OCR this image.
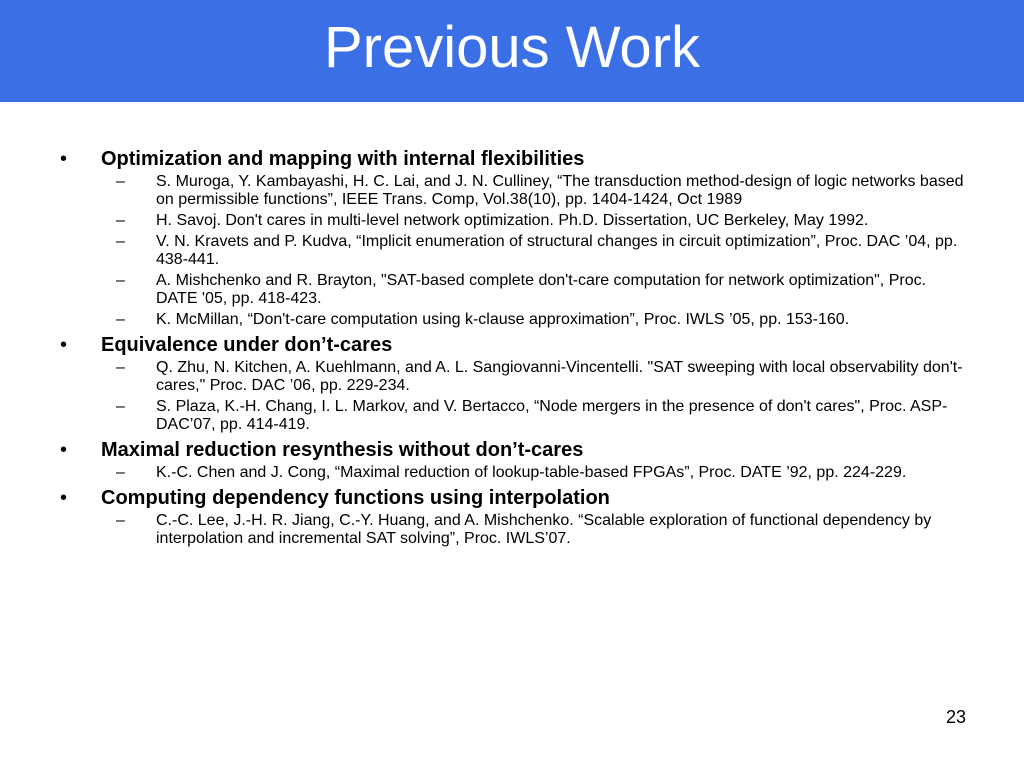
Previous Work
•	Optimization and mapping with internal flexibilities
–	S. Muroga, Y. Kambayashi, H. C. Lai, and J. N. Culliney, “The transduction method-design of logic networks based on permissible functions”, IEEE Trans. Comp, Vol.38(10), pp. 1404-1424, Oct 1989
–	H. Savoj. Don't cares in multi-level network optimization. Ph.D. Dissertation, UC Berkeley, May 1992.
–	V. N. Kravets and P. Kudva, “Implicit enumeration of structural changes in circuit optimization”, Proc. DAC ’04, pp. 438-441.
–	A. Mishchenko and R. Brayton, "SAT-based complete don't-care computation for network optimization", Proc. DATE '05, pp. 418-423.
–	K. McMillan, “Don't-care computation using k-clause approximation”, Proc. IWLS ’05, pp. 153-160.
•	Equivalence under don’t-cares
–	Q. Zhu, N. Kitchen, A. Kuehlmann, and A. L. Sangiovanni-Vincentelli. "SAT sweeping with local observability don't-cares," Proc. DAC ’06, pp. 229-234.
–	S. Plaza, K.-H. Chang, I. L. Markov, and V. Bertacco, “Node mergers in the presence of don't cares", Proc. ASP-DAC’07, pp. 414-419.
•	Maximal reduction resynthesis without don’t-cares
–	K.-C. Chen and J. Cong, “Maximal reduction of lookup-table-based FPGAs”, Proc. DATE ’92, pp. 224-229.
•	Computing dependency functions using interpolation
–	C.-C. Lee, J.-H. R. Jiang, C.-Y. Huang, and A. Mishchenko. “Scalable exploration of functional dependency by interpolation and incremental SAT solving”, Proc. IWLS’07.
23
